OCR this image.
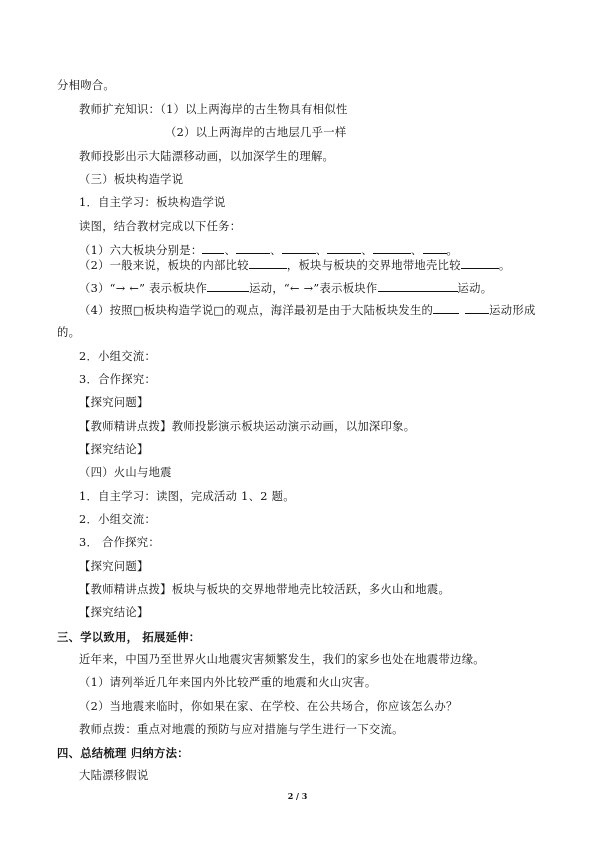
分相吻合。
教师扩充知识：（1）以上两海岸的古生物具有相似性
（2）以上两海岸的古地层几乎一样
教师投影出示大陆漂移动画，以加深学生的理解。
（三）板块构造学说
1．自主学习：板块构造学说
读图，结合教材完成以下任务：
（1）六大板块分别是： 、	、	、	、	、 。
（2）一般来说，板块的内部比较	，板块与板块的交界地带地壳比较	。
（3）“→ ←” 表示板块作	运动，“← →”表示板块作	运动。
（4）按照□板块构造学说□的观点，海洋最初是由于大陆板块发生的	运动形成
的。
2．小组交流：
3．合作探究：
【探究问题】
【教师精讲点拨】教师投影演示板块运动演示动画，以加深印象。
【探究结论】
（四）火山与地震
1．自主学习：读图，完成活动 1、2 题。
2．小组交流：
3． 合作探究：
【探究问题】
【教师精讲点拨】板块与板块的交界地带地壳比较活跃，多火山和地震。
【探究结论】
三、学以致用， 拓展延伸：
近年来，中国乃至世界火山地震灾害频繁发生，我们的家乡也处在地震带边缘。
（1）请列举近几年来国内外比较严重的地震和火山灾害。
（2）当地震来临时，你如果在家、在学校、在公共场合，你应该怎么办？
教师点拨：重点对地震的预防与应对措施与学生进行一下交流。
四、总结梳理 归纳方法：
大陆漂移假说
2 / 3
